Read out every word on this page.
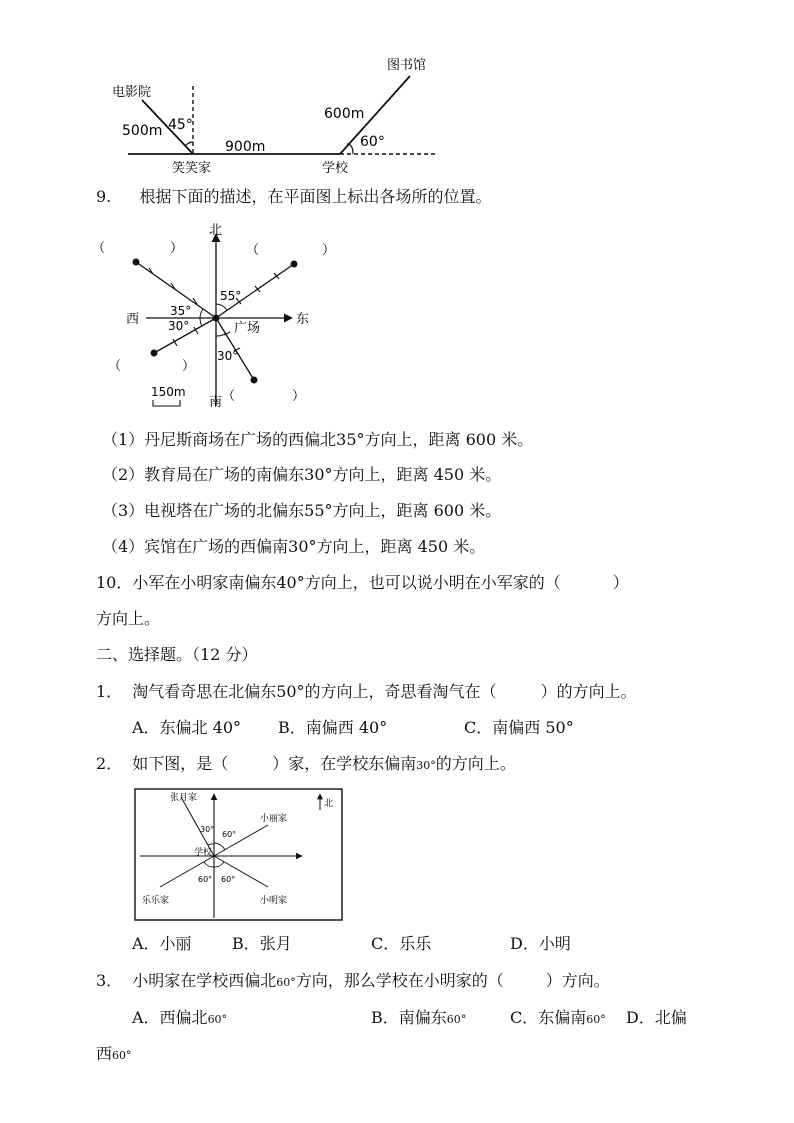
电影院
500m 45°
笑笑家
900m
图书馆
600m
60°
学校
9. 根据下面的描述，在平面图上标出各场所的位置。
北
南
东
西
广场
35°
30°
55°
30°
150m
（	）	（	）
（	）
（	）
（1）丹尼斯商场在广场的西偏北35°方向上，距离 600 米。
（2）教育局在广场的南偏东30°方向上，距离 450 米。
（3）电视塔在广场的北偏东55°方向上，距离 600 米。
（4）宾馆在广场的西偏南30°方向上，距离 450 米。
10．小军在小明家南偏东40°方向上，也可以说小明在小军家的（	）
方向上。
二、选择题。（12 分）
1． 淘气看奇思在北偏东50°的方向上，奇思看淘气在（	）的方向上。
A．东偏北 40° B．南偏西 40°	C．南偏西 50°
2． 如下图，是（	）家，在学校东偏南30°的方向上。
北
张月家
小丽家
学校
乐乐家	小明家
30°
60°
60° 60°
A．小丽	B．张月	C．乐乐	D．小明
3． 小明家在学校西偏北60°方向，那么学校在小明家的（	）方向。
A．西偏北60°	B．南偏东60°	C．东偏南60° D．北偏
西60°
